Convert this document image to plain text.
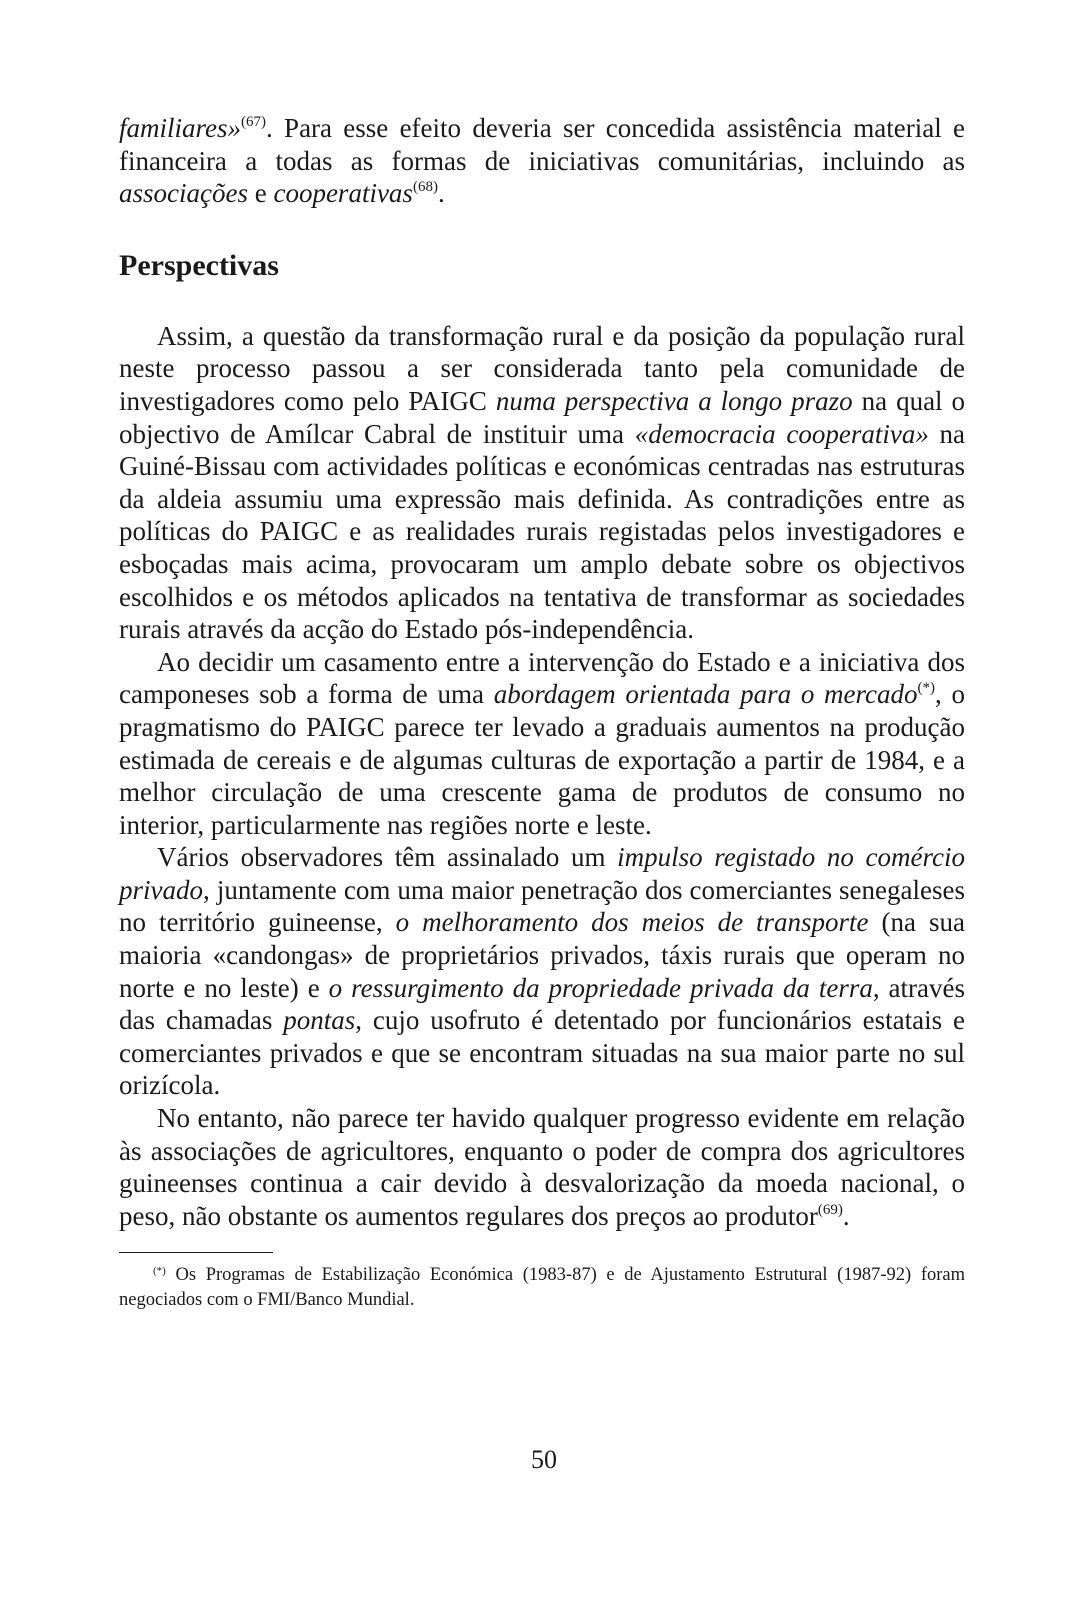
familiares»$^{(67)}$. Para esse efeito deveria ser concedida assistência material e financeira a todas as formas de iniciativas comunitárias, incluindo as associações e cooperativas$^{(68)}$.

Perspectivas

Assim, a questão da transformação rural e da posição da população rural neste processo passou a ser considerada tanto pela comunidade de investigadores como pelo PAIGC numa perspectiva a longo prazo na qual o objectivo de Amílcar Cabral de instituir uma «democracia cooperativa» na Guiné-Bissau com actividades políticas e económicas centradas nas estruturas da aldeia assumiu uma expressão mais definida. As contradições entre as políticas do PAIGC e as realidades rurais registadas pelos investigadores e esboçadas mais acima, provocaram um amplo debate sobre os objectivos escolhidos e os métodos aplicados na tentativa de transformar as sociedades rurais através da acção do Estado pós-independência.

Ao decidir um casamento entre a intervenção do Estado e a iniciativa dos camponeses sob a forma de uma abordagem orientada para o mercado(*), o pragmatismo do PAIGC parece ter levado a graduais aumentos na produção estimada de cereais e de algumas culturas de exportação a partir de 1984, e a melhor circulação de uma crescente gama de produtos de consumo no interior, particularmente nas regiões norte e leste.

Vários observadores têm assinalado um impulso registado no comércio privado, juntamente com uma maior penetração dos comerciantes senegaleses no território guineense, o melhoramento dos meios de transporte (na sua maioria «candongas» de proprietários privados, táxis rurais que operam no norte e no leste) e o ressurgimento da propriedade privada da terra, através das chamadas pontas, cujo usofruto é detentado por funcionários estatais e comerciantes privados e que se encontram situadas na sua maior parte no sul orizícola.

No entanto, não parece ter havido qualquer progresso evidente em relação às associações de agricultores, enquanto o poder de compra dos agricultores guineenses continua a cair devido à desvalorização da moeda nacional, o peso, não obstante os aumentos regulares dos preços ao produtor$^{(69)}$.

(*) Os Programas de Estabilização Económica (1983-87) e de Ajustamento Estrutural (1987-92) foram negociados com o FMI/Banco Mundial.

50
